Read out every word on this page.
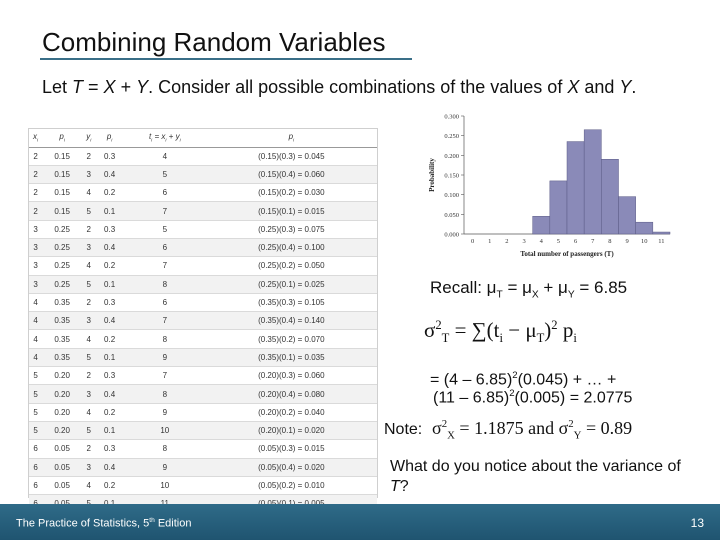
Combining Random Variables
Let T = X + Y. Consider all possible combinations of the values of X and Y.
$x_i$	$p_i$	$y_i$	$p_i$	$t_i = x_i + y_i$	$p_i$
2	0.15	2	0.3	4	(0.15)(0.3) = 0.045
2	0.15	3	0.4	5	(0.15)(0.4) = 0.060
2	0.15	4	0.2	6	(0.15)(0.2) = 0.030
2	0.15	5	0.1	7	(0.15)(0.1) = 0.015
3	0.25	2	0.3	5	(0.25)(0.3) = 0.075
3	0.25	3	0.4	6	(0.25)(0.4) = 0.100
3	0.25	4	0.2	7	(0.25)(0.2) = 0.050
3	0.25	5	0.1	8	(0.25)(0.1) = 0.025
4	0.35	2	0.3	6	(0.35)(0.3) = 0.105
4	0.35	3	0.4	7	(0.35)(0.4) = 0.140
4	0.35	4	0.2	8	(0.35)(0.2) = 0.070
4	0.35	5	0.1	9	(0.35)(0.1) = 0.035
5	0.20	2	0.3	7	(0.20)(0.3) = 0.060
5	0.20	3	0.4	8	(0.20)(0.4) = 0.080
5	0.20	4	0.2	9	(0.20)(0.2) = 0.040
5	0.20	5	0.1	10	(0.20)(0.1) = 0.020
6	0.05	2	0.3	8	(0.05)(0.3) = 0.015
6	0.05	3	0.4	9	(0.05)(0.4) = 0.020
6	0.05	4	0.2	10	(0.05)(0.2) = 0.010

0.000
0.050
0.100
0.150
0.200
0.250
0.300
0 1 2 3 4 5 6 7 8 9 10 11
Probability
Total number of passengers (T)
Recall: $\mu_T = \mu_X + \mu_Y = 6.85$
$\sigma^2_T = \sum(t_i - \mu_T)^2$ $p_i$
= (4 – 6.85)$^2$(0.045) + … +
(11 – 6.85)$^2$(0.005) = 2.0775
Note: $\sigma^2_X = 1.1875$ and $\sigma^2_Y = 0.89$
What do you notice about the variance of T?
The Practice of Statistics, 5th Edition	13
